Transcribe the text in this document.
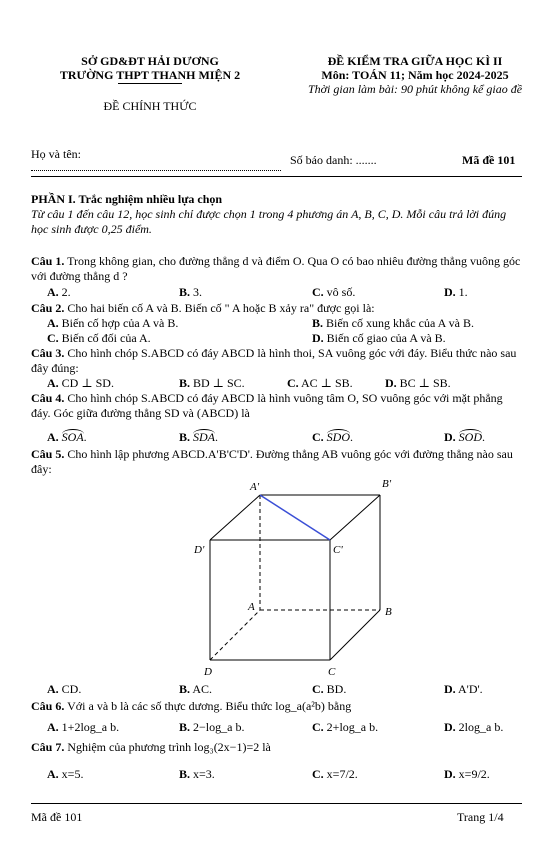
SỞ GD&ĐT HẢI DƯƠNG
TRƯỜNG THPT THANH MIỆN 2
ĐỀ CHÍNH THỨC
ĐỀ KIỂM TRA GIỮA HỌC KÌ II
Môn: TOÁN 11; Năm học 2024-2025
Thời gian làm bài: 90 phút không kể giao đề
Họ và tên:	Số báo danh: .......	Mã đề 101
PHẦN I. Trắc nghiệm nhiều lựa chọn
Từ câu 1 đến câu 12, học sinh chỉ được chọn 1 trong 4 phương án A, B, C, D. Mỗi câu trả lời đúng học sinh được 0,25 điểm.
Câu 1. Trong không gian, cho đường thẳng d và điểm O. Qua O có bao nhiêu đường thẳng vuông góc với đường thẳng d ?
A. 2.	B. 3.	C. vô số.	D. 1.
Câu 2. Cho hai biến cố A và B. Biến cố " A hoặc B xảy ra" được gọi là:
A. Biến cố hợp của A và B.	B. Biến cố xung khắc của A và B.
C. Biến cố đối của A.	D. Biến cố giao của A và B.
Câu 3. Cho hình chóp S.ABCD có đáy ABCD là hình thoi, SA vuông góc với đáy. Biểu thức nào sau đây đúng:
A. CD ⊥ SD.	B. BD ⊥ SC.	C. AC ⊥ SB.	D. BC ⊥ SB.
Câu 4. Cho hình chóp S.ABCD có đáy ABCD là hình vuông tâm O, SO vuông góc với mặt phẳng đáy. Góc giữa đường thẳng SD và (ABCD) là
A. SOA.	B. SDA.	C. SDO.	D. SOD.
Câu 5. Cho hình lập phương ABCD.A'B'C'D'. Đường thẳng AB vuông góc với đường thẳng nào sau đây:
A'	B'
D'	C'
A	B
D	C
A. CD.	B. AC.	C. BD.	D. A'D'.
Câu 6. Với a và b là các số thực dương. Biểu thức log_a(a²b) bằng
A. 1+2log_a b.	B. 2−log_a b.	C. 2+log_a b.	D. 2log_a b.
Câu 7. Nghiệm của phương trình log₃(2x−1)=2 là
A. x=5.	B. x=3.	C. x=7/2.	D. x=9/2.
Mã đề 101	Trang 1/4
